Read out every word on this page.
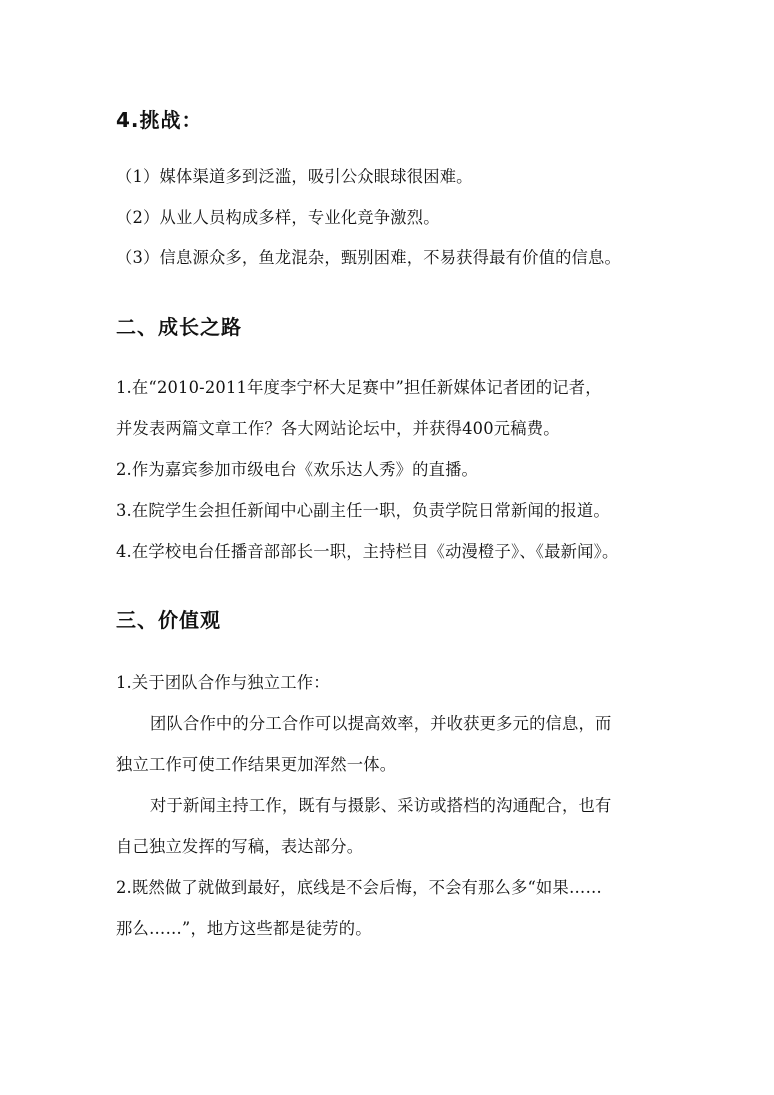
4.挑战：
（1）媒体渠道多到泛滥，吸引公众眼球很困难。
（2）从业人员构成多样，专业化竞争激烈。
（3）信息源众多，鱼龙混杂，甄别困难，不易获得最有价值的信息。
二、成长之路
1.在“2010-2011年度李宁杯大足赛中”担任新媒体记者团的记者，
并发表两篇文章工作？各大网站论坛中，并获得400元稿费。
2.作为嘉宾参加市级电台《欢乐达人秀》的直播。
3.在院学生会担任新闻中心副主任一职，负责学院日常新闻的报道。
4.在学校电台任播音部部长一职，主持栏目《动漫橙子》、《最新闻》。
三、价值观
1.关于团队合作与独立工作：
团队合作中的分工合作可以提高效率，并收获更多元的信息，而
独立工作可使工作结果更加浑然一体。
对于新闻主持工作，既有与摄影、采访或搭档的沟通配合，也有
自己独立发挥的写稿，表达部分。
2.既然做了就做到最好，底线是不会后悔，不会有那么多“如果……
那么……”，地方这些都是徒劳的。
